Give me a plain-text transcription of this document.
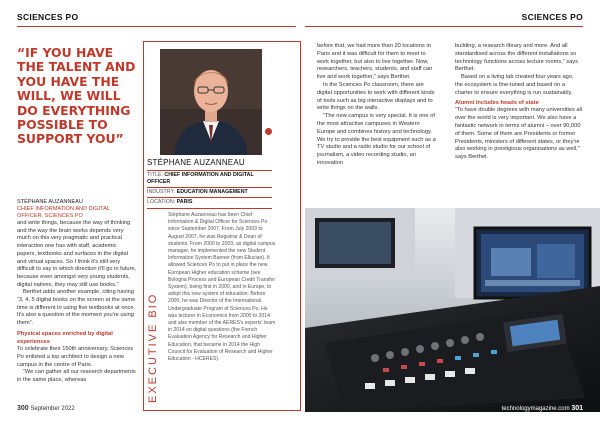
SCIENCES PO	SCIENCES PO
“IF YOU HAVE
THE TALENT AND
YOU HAVE THE
WILL, WE WILL
DO EVERYTHING
POSSIBLE TO
SUPPORT YOU”
STÉPHANE AUZANNEAU
CHIEF INFORMATION AND DIGITAL OFFICER, SCIENCES PO

and write things, because the way of thinking and the way the brain works depends very much on this very pragmatic and practical interaction one has with staff, academic papers, textbooks and surfaces in the digital and virtual spaces. So I think it's still very difficult to say in which direction it'll go in future, because even amongst very young students, digital natives, they may still use books.”

Berthet adds another example, citing having “3, 4, 5 digital books on the screen at the same time is different to using five textbooks at once. It's also a question of the moment you're using them”.

Physical spaces enriched by digital experiences

To celebrate their 150th anniversary, Sciences Po enlisted a top architect to design a new campus in the centre of Paris.

“We can gather all our research departments in the same place, whereas

STÉPHANE AUZANNEAU
TITLE: CHIEF INFORMATION AND DIGITAL OFFICER
INDUSTRY: EDUCATION MANAGEMENT
LOCATION: PARIS
Stéphane Auzanneau has been Chief Information & Digital Officer for Sciences Po since September 2007. From July 2003 to August 2007, he was Registrar & Dean of students. From 2000 to 2003, as digital campus manager, he implemented the new Student Information System Banner (from Ellucian). It allowed Sciences Po to put in place the new European Higher education scheme (see Bologna Process and European Credit Transfer System), being first in 2000, and in Europe, to adopt this new system of education. Before 2000, he was Director of the International Undergraduate Program of Sciences Po. He was lecturer in Economics from 2000 to 2014 and also member of the AERES's experts' team in 2014 on digital questions (the French Evaluation Agency for Research and Higher Education, that became in 2014 the High Council for Evaluation of Research and Higher Education - HCERES).
EXECUTIVE BIO

before that, we had more than 20 locations in Paris and it was difficult for them to meet to work together, but also to live together. Now, researchers, teachers, students, and staff can live and work together,” says Berthet.

In the Sciences Po classroom, there are digital opportunities to work with different kinds of tools such as big interactive displays and to write things on the walls.

“The new campus is very special. It is one of the most attractive campuses in Western Europe and combines history and technology. We try to provide the best equipment such as a TV studio and a radio studio for our school of journalism, a video recording studio, an innovation

building, a research library and more. And all standardised across the different installations so technology functions across lecture rooms,” says Berthet.

Based on a living lab created four years ago, the ecosystem is fine-tuned and based on a charter to ensure everything is run sustainably.

Alumni includes heads of state

“To have double degrees with many universities all over the world is very important. We also have a fantastic network in terms of alumni – over 90,000 of them. Some of them are Presidents or former Presidents, ministers of different states, or they're also working in prestigious organisations as well,” says Berthet.

300 September 2022	technologymagazine.com 301
